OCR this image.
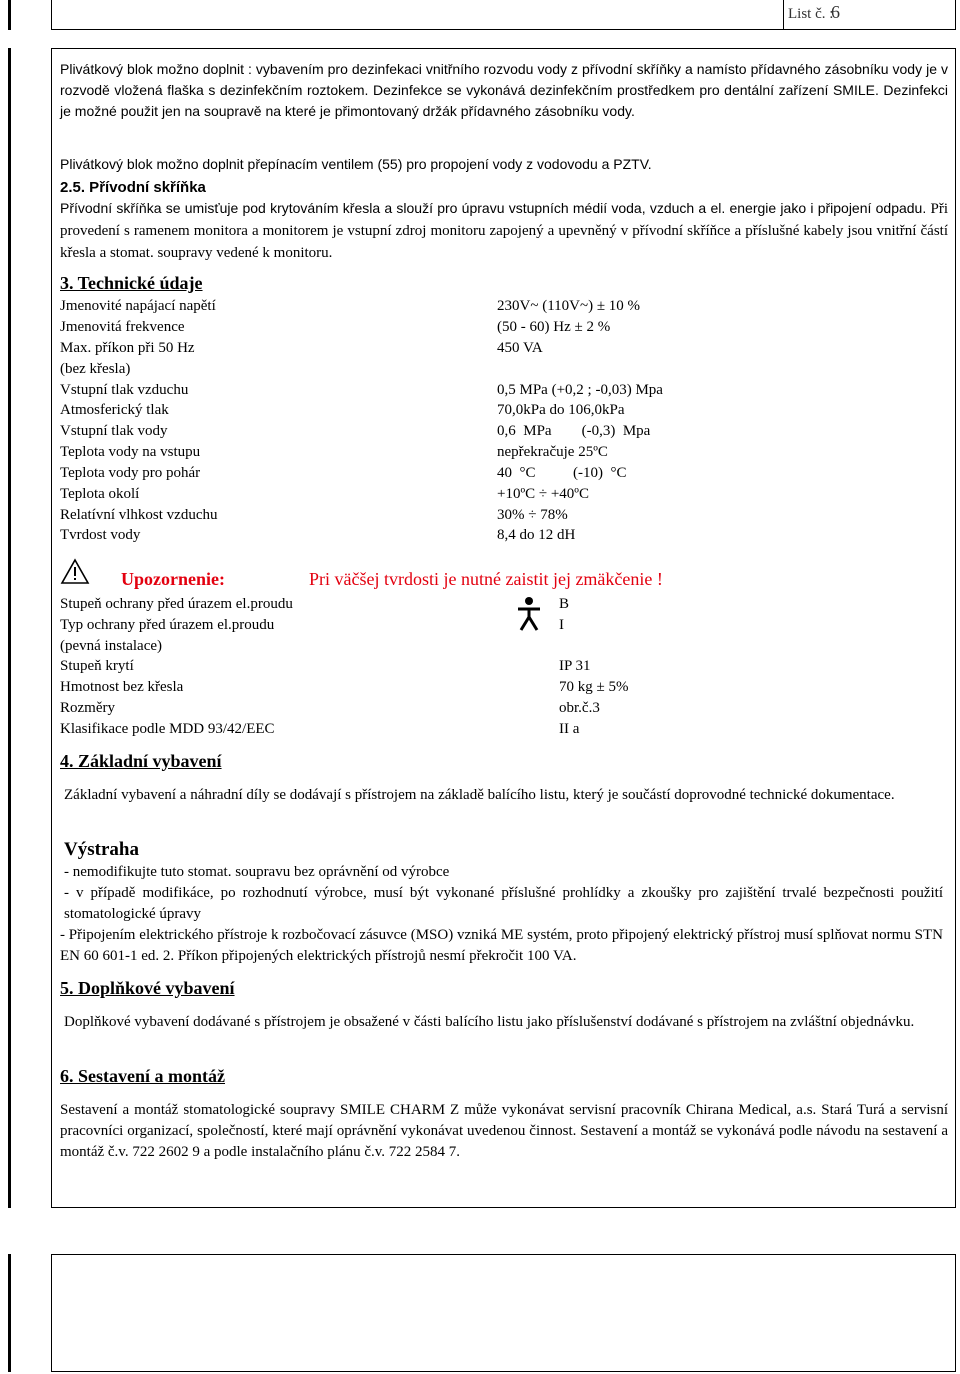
List č. :
6
Plivátkový blok možno doplnit : vybavením pro dezinfekaci vnitřního rozvodu vody z přívodní skříňky a namísto přídavného zásobníku vody je v rozvodě vložená flaška s dezinfekčním roztokem. Dezinfekce se vykonává dezinfekčním prostředkem pro dentální zařízení SMILE. Dezinfekci je možné použit jen na soupravě na které je přimontovaný držák přídavného zásobníku vody.
Plivátkový blok možno doplnit přepínacím ventilem (55) pro propojení vody z vodovodu a PZTV.
2.5. Přívodní skříňka
Přívodní skříňka se umisťuje pod krytováním křesla a slouží pro úpravu vstupních médií voda, vzduch a el. energie jako i připojení odpadu. Při provedení s ramenem monitora a monitorem je vstupní zdroj monitoru zapojený a upevněný v přívodní skříňce a příslušné kabely jsou vnitřní částí křesla a stomat. soupravy vedené k monitoru.
3. Technické údaje
Jmenovité napájací napětí	230V~ (110V~) ± 10 %
Jmenovitá frekvence	(50 - 60) Hz ± 2 %
Max. příkon při 50 Hz	450 VA
(bez křesla)
Vstupní tlak vzduchu	0,5 MPa (+0,2 ; -0,03) Mpa
Atmosferický tlak	70,0kPa do 106,0kPa
Vstupní tlak vody	0,6  MPa        (-0,3)  Mpa
Teplota vody na vstupu	nepřekračuje 25ºC
Teplota vody pro pohár	40  °C          (-10)  °C
Teplota okolí	+10ºC ÷ +40ºC
Relatívní vlhkost vzduchu	30% ÷ 78%
Tvrdost vody	8,4 do 12 dH
Upozornenie:	Pri väčšej tvrdosti je nutné zaistit jej zmäkčenie !
Stupeň ochrany před úrazem el.proudu	B
Typ ochrany před úrazem el.proudu	I
(pevná instalace)
Stupeň krytí	IP 31
Hmotnost bez křesla	70 kg ± 5%
Rozměry	obr.č.3
Klasifikace podle MDD 93/42/EEC	II a
4. Základní vybavení
Základní vybavení a náhradní díly se dodávají s přístrojem na základě balícího listu, který je součástí doprovodné technické dokumentace.
Výstraha
- nemodifikujte tuto stomat. soupravu bez oprávnění od výrobce
- v případě modifikáce, po rozhodnutí výrobce, musí být vykonané příslušné prohlídky a zkoušky pro zajištění trvalé bezpečnosti použití stomatologické úpravy
- Připojením elektrického přístroje k rozbočovací zásuvce (MSO) vzniká ME systém, proto připojený elektrický přístroj musí splňovat normu STN EN 60 601-1 ed. 2. Příkon připojených elektrických přístrojů nesmí překročit 100 VA.
5. Doplňkové vybavení
Doplňkové vybavení dodávané s přístrojem je obsažené v části balícího listu jako příslušenství dodávané s přístrojem na zvláštní objednávku.
6. Sestavení a montáž
Sestavení a montáž stomatologické soupravy SMILE CHARM Z může vykonávat servisní pracovník Chirana Medical, a.s. Stará Turá a servisní pracovníci organizací, společností, které mají oprávnění vykonávat uvedenou činnost. Sestavení a montáž se vykonává podle návodu na sestavení a montáž č.v. 722 2602 9 a podle instalačního plánu č.v. 722 2584 7.
